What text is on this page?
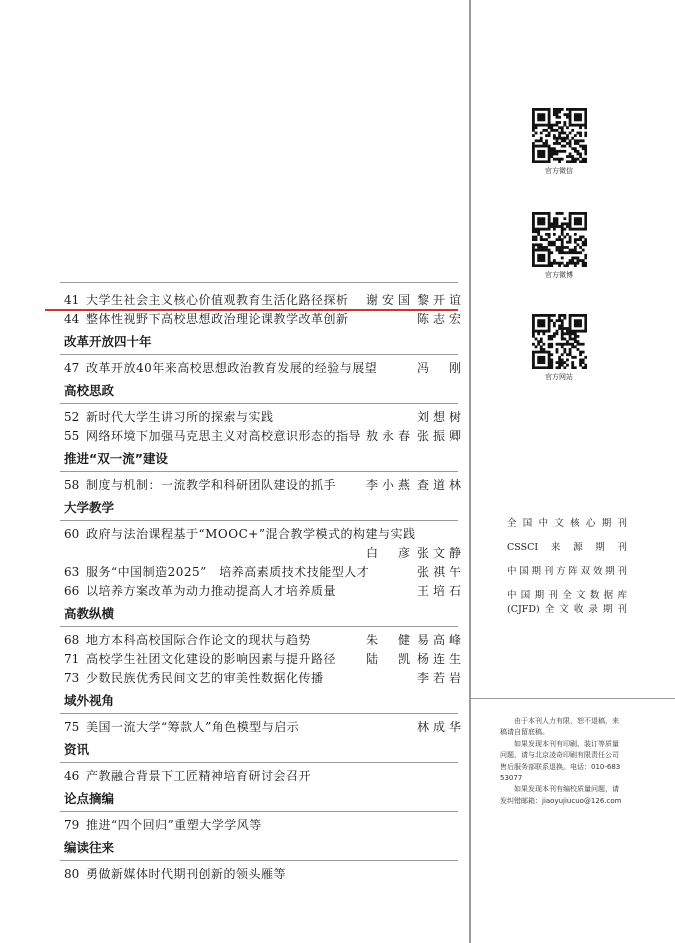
41 大学生社会主义核心价值观教育生活化路径探析 谢安国 黎开谊
44 整体性视野下高校思想政治理论课教学改革创新	陈志宏
改革开放四十年
47 改革开放40年来高校思想政治教育发展的经验与展望	冯　刚
高校思政
52 新时代大学生讲习所的探索与实践	刘想树
55 网络环境下加强马克思主义对高校意识形态的指导 敖永春 张振卿
推进“双一流”建设
58 制度与机制：一流教学和科研团队建设的抓手 李小燕 查道林
大学教学
60 政府与法治课程基于“MOOC+”混合教学模式的构建与实践
白　彦 张文静
63 服务“中国制造2025”　培养高素质技术技能型人才	张祺午
66 以培养方案改革为动力推动提高人才培养质量	王培石
高教纵横
68 地方本科高校国际合作论文的现状与趋势	朱　健 易高峰
71 高校学生社团文化建设的影响因素与提升路径 陆　凯 杨连生
73 少数民族优秀民间文艺的审美性数据化传播	李若岩
域外视角
75 美国一流大学“筹款人”角色模型与启示	林成华
资讯
46 产教融合背景下工匠精神培育研讨会召开
论点摘编
79 推进“四个回归”重塑大学学风等
编读往来
80 勇做新媒体时代期刊创新的领头雁等
官方微信
官方微博
官方网站
全国中文核心期刊
CSSCI来源期刊
中国期刊方阵双效期刊
中国期刊全文数据库
(CJFD)全文收录期刊

由于本刊人力有限，恕不退稿，来稿请自留底稿。

如果发现本刊有印刷、装订等质量问题，请与北京凌奇印刷有限责任公司售后服务部联系退换。电话：010-68353077

如果发现本刊有编校质量问题，请发纠错邮箱：jiaoyujiucuo@126.com
